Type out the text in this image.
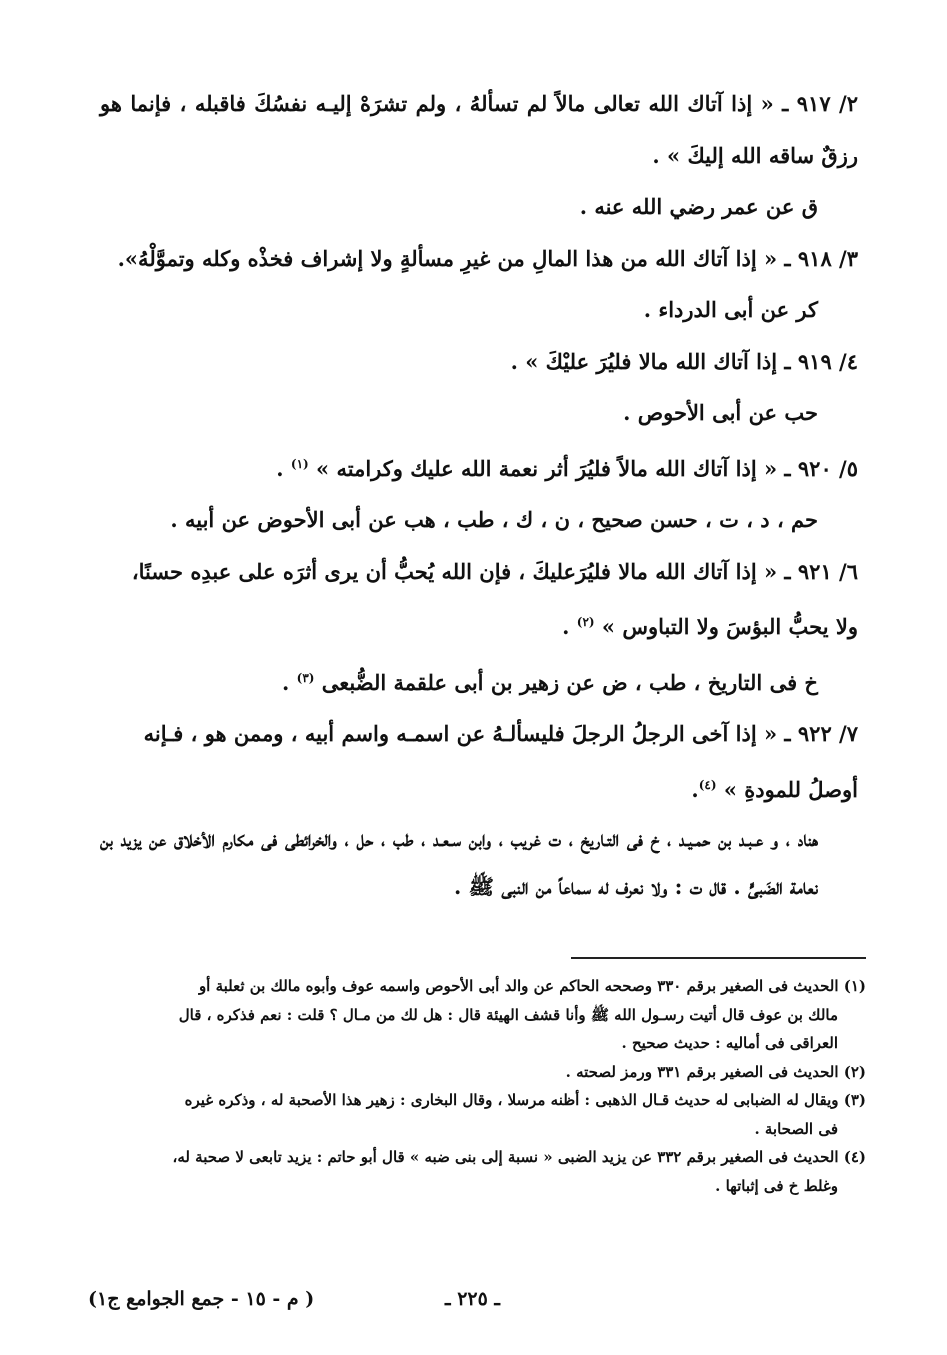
٢/ ٩١٧ ـ « إذا آتاك الله تعالى مالاً لم تسألهُ ، ولم تشرَهْ إليـه نفسُكَ فاقبله ، فإنما هو رزقٌ ساقه الله إليكَ » .

ق عن عمر رضي الله عنه .

٣/ ٩١٨ ـ « إذا آتاك الله من هذا المالِ من غيرِ مسألةٍ ولا إشراف فخذْه وكله وتموَّلْهُ».

كر عن أبى الدرداء .

٤/ ٩١٩ ـ إذا آتاك الله مالا فليُرَ عليْكَ » .

حب عن أبى الأحوص .

٥/ ٩٢٠ ـ « إذا آتاك الله مالاً فليُرَ أثر نعمة الله عليك وكرامته » $^{(١)}$ .

حم ، د ، ت ، حسن صحيح ، ن ، ك ، طب ، هب عن أبى الأحوض عن أبيه .

٦/ ٩٢١ ـ « إذا آتاك الله مالا فليُرَعليكَ ، فإن الله يُحبُّ أن يرى أثرَه على عبدِه حسنًا،

ولا يحبُّ البؤسَ ولا التباوس » $^{(٢)}$ .

خ فى التاريخ ، طب ، ض عن زهير بن أبى علقمة الضُّبعى $^{(٣)}$ .

٧/ ٩٢٢ ـ « إذا آخى الرجلُ الرجلَ فليسألـهُ عن اسمـه واسم أبيه ، وممن هو ، فـإنه

أوصلُ للمودةِ » $^{(٤)}$.

هناد ، و عـبـد بن حمـيـد ، خ فى التـاريخ ، ت غريب ، وابن سـعـد ، طب ، حل ، والخرائطى فى مكارم الأخلاق عن يزيد بن نعامة الضَبىٍّ . قال ت : ولا نعرف له سماعاً من النبى ﷺ .

(١) الحديث فى الصغير برقم ٣٣٠ وصححه الحاكم عن والد أبى الأحوص واسمه عوف وأبوه مالك بن ثعلبة أو

مالك بن عوف قال أتيت رسـول الله ﷺ وأنا قشف الهيئة قال : هل لك من مـال ؟ قلت : نعم فذكره ، قال

العراقى فى أماليه : حديث صحيح .

(٢) الحديث فى الصغير برقم ٣٣١ ورمز لصحته .

(٣) ويقال له الضبابى له حديث قـال الذهبى : أظنه مرسلا ، وقال البخارى : زهير هذا الأصحبة له ، وذكره غيره

فى الصحابة .

(٤) الحديث فى الصغير برقم ٣٣٢ عن يزيد الضبى « نسبة إلى بنى ضبه » قال أبو حاتم : يزيد تابعى لا صحبة له،

وغلط خ فى إثباتها .

ـ ٢٢٥ ـ
( م - ١٥ - جمع الجوامع ج١)
